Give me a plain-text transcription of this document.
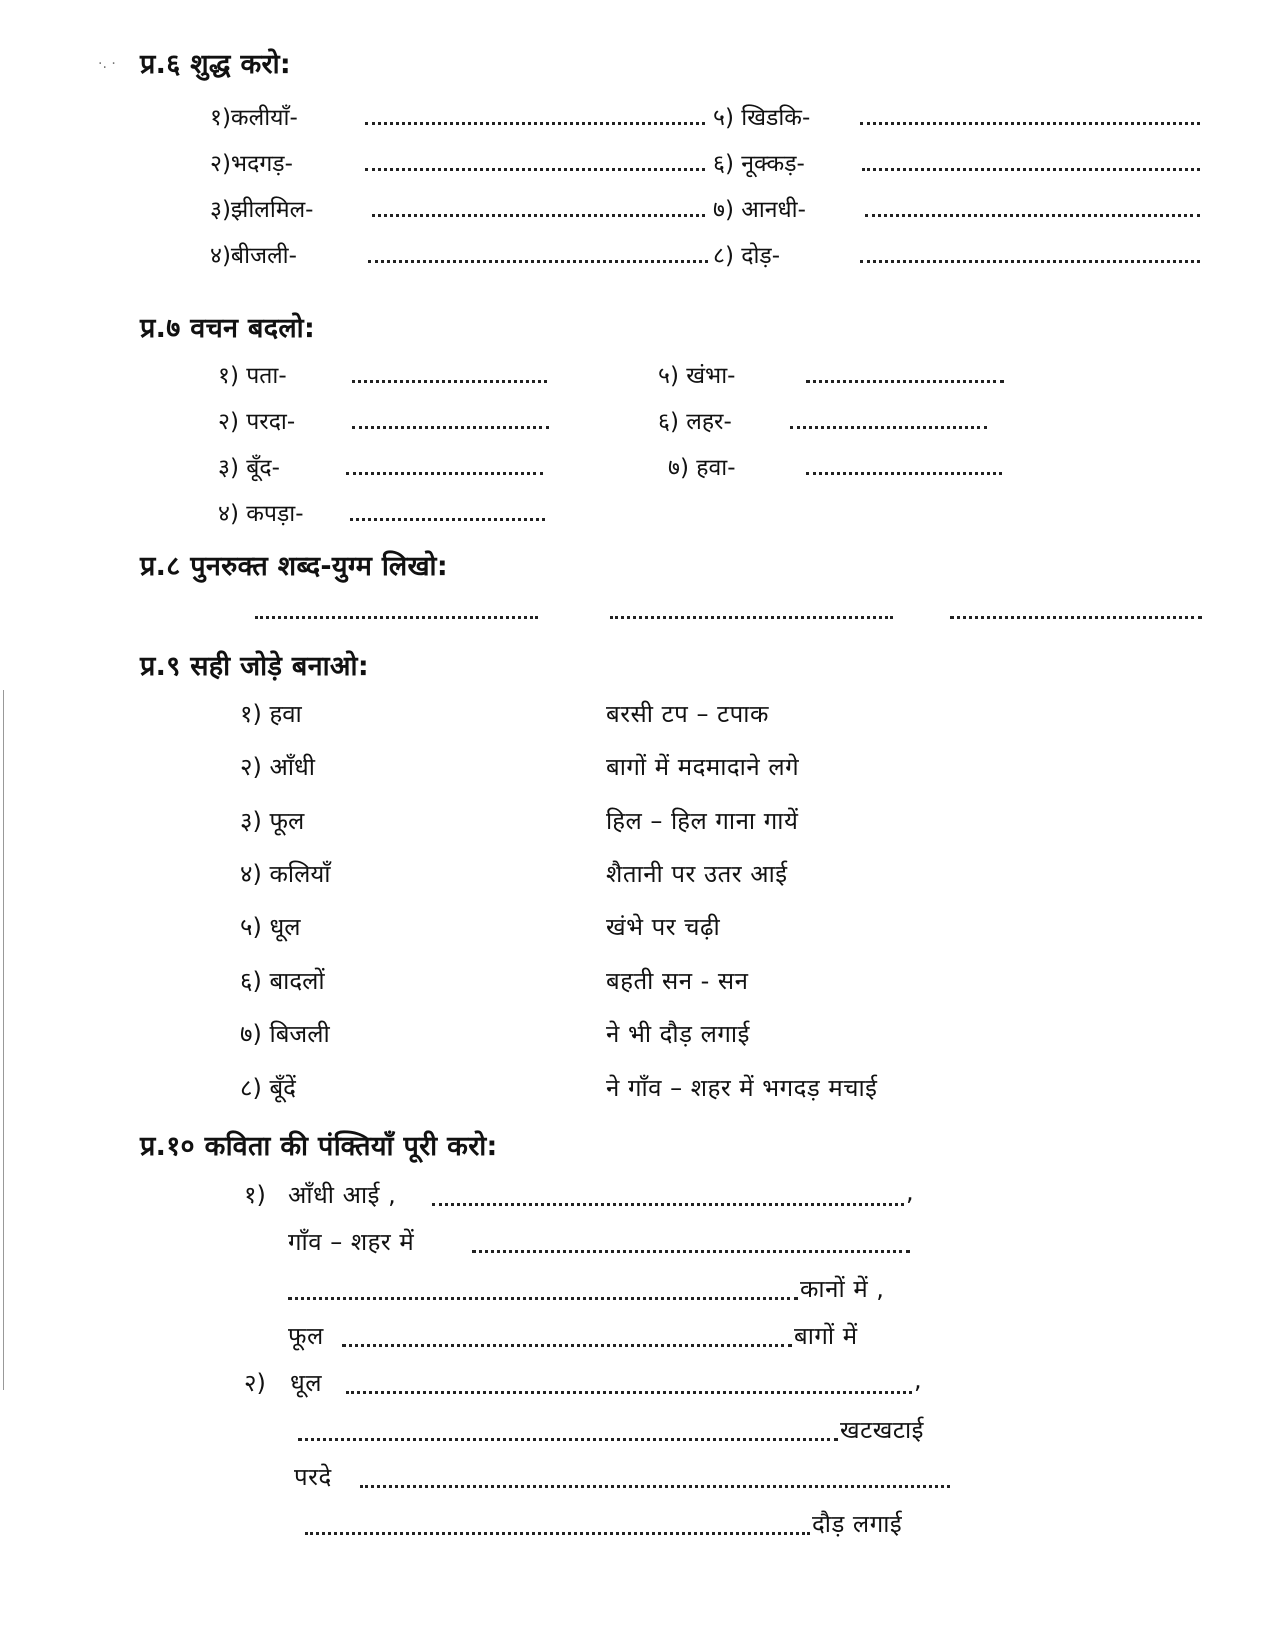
·. · प्र.६ शुद्ध करो:
१)कलीयाँ-	५) खिडकि-
२)भदगड़-	६) नूक्कड़-
३)झीलमिल-	७) आनधी-
४)बीजली-	८) दोड़-
प्र.७ वचन बदलो:
१) पता-	५) खंभा-
२) परदा-	६) लहर-
३) बूँद-	७) हवा-
४) कपड़ा-
प्र.८ पुनरुक्त शब्द-युग्म लिखो:
प्र.९ सही जोड़े बनाओ:
१) हवा	बरसी टप – टपाक
२) आँधी	बागों में मदमादाने लगे
३) फूल	हिल – हिल गाना गायें
४) कलियाँ	शैतानी पर उतर आई
५) धूल	खंभे पर चढ़ी
६) बादलों	बहती सन - सन
७) बिजली	ने भी दौड़ लगाई
८) बूँदें	ने गाँव – शहर में भगदड़ मचाई
प्र.१० कविता की पंक्तियाँ पूरी करो:
१) आँधी आई ,	,
गाँव – शहर में
कानों में ,
फूल	बागों में
२) धूल	,
खटखटाई
परदे
दौड़ लगाई
